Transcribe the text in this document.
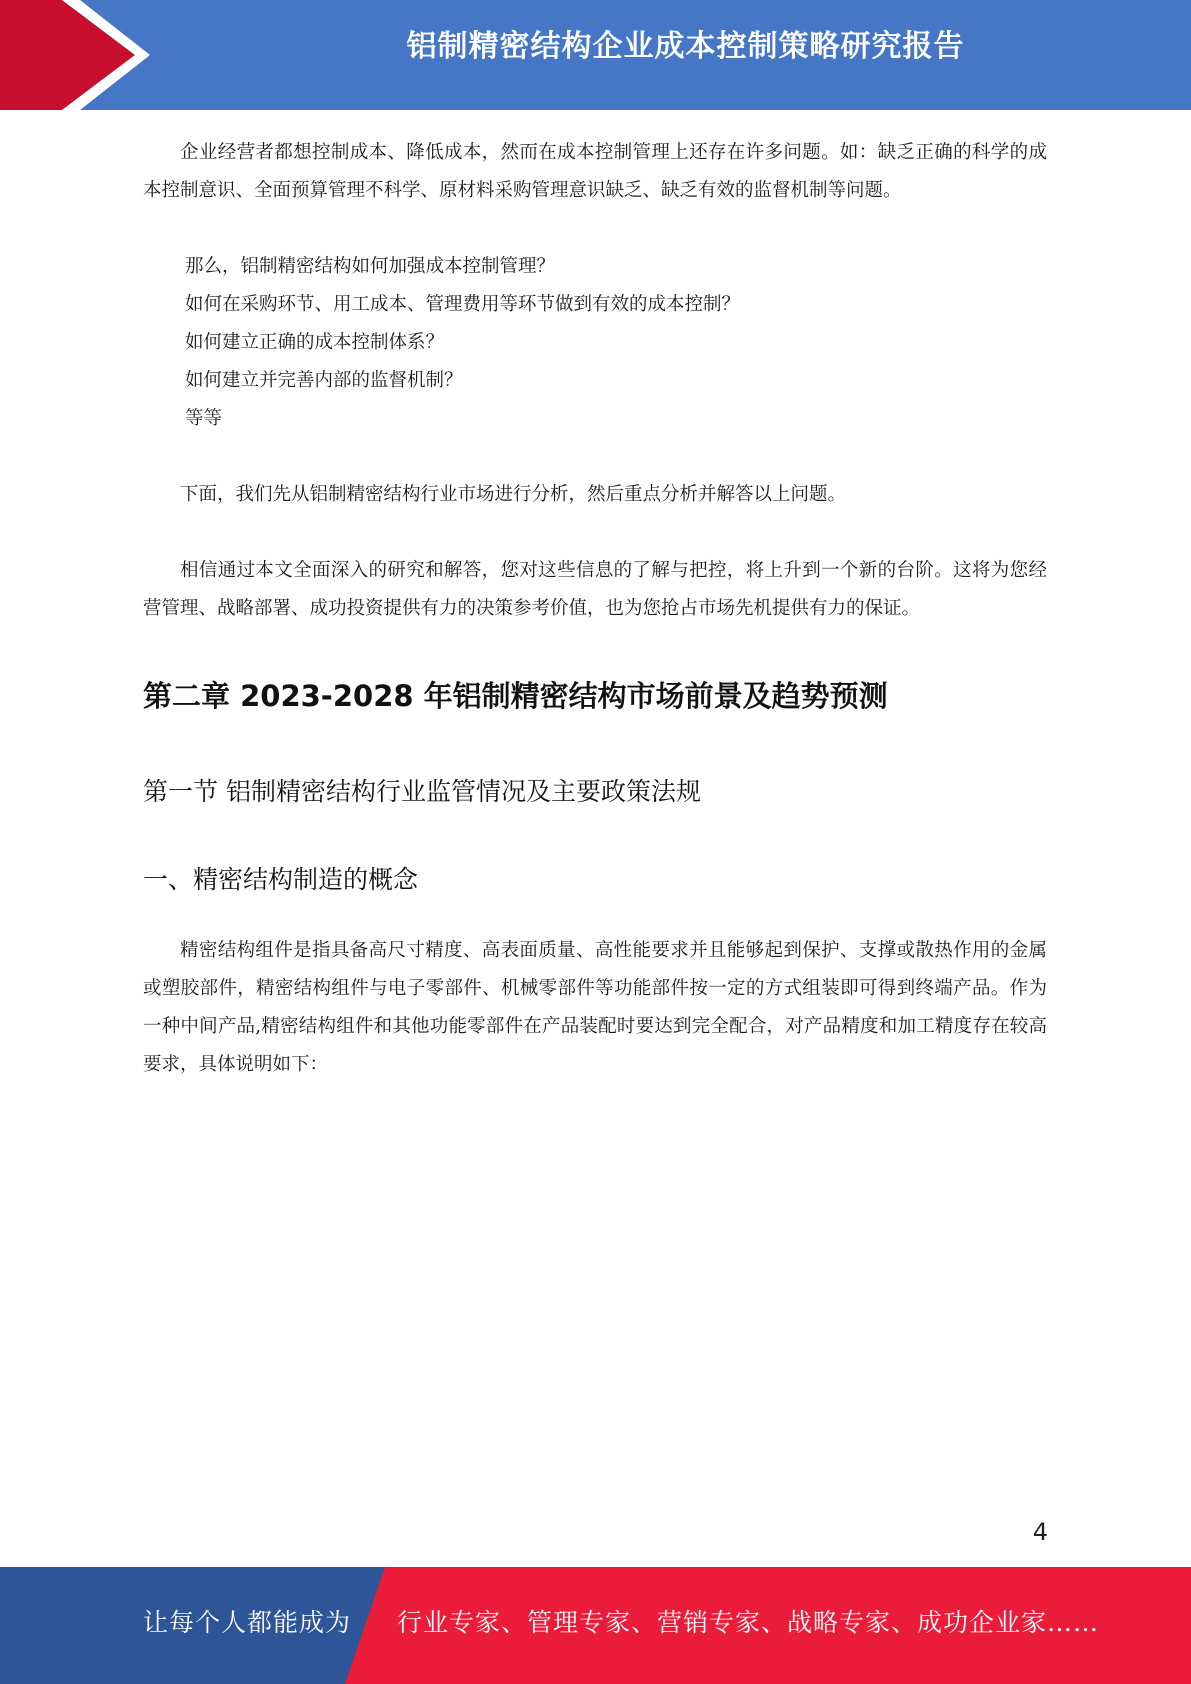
铝制精密结构企业成本控制策略研究报告

企业经营者都想控制成本、降低成本，然而在成本控制管理上还存在许多问题。如：缺乏正确的科学的成本控制意识、全面预算管理不科学、原材料采购管理意识缺乏、缺乏有效的监督机制等问题。

那么，铝制精密结构如何加强成本控制管理？

如何在采购环节、用工成本、管理费用等环节做到有效的成本控制？

如何建立正确的成本控制体系？

如何建立并完善内部的监督机制？

等等

下面，我们先从铝制精密结构行业市场进行分析，然后重点分析并解答以上问题。

相信通过本文全面深入的研究和解答，您对这些信息的了解与把控，将上升到一个新的台阶。这将为您经营管理、战略部署、成功投资提供有力的决策参考价值，也为您抢占市场先机提供有力的保证。

第二章 2023-2028 年铝制精密结构市场前景及趋势预测
第一节 铝制精密结构行业监管情况及主要政策法规
一、精密结构制造的概念

精密结构组件是指具备高尺寸精度、高表面质量、高性能要求并且能够起到保护、支撑或散热作用的金属或塑胶部件，精密结构组件与电子零部件、机械零部件等功能部件按一定的方式组装即可得到终端产品。作为一种中间产品,精密结构组件和其他功能零部件在产品装配时要达到完全配合，对产品精度和加工精度存在较高要求，具体说明如下：

4
让每个人都能成为 行业专家、管理专家、营销专家、战略专家、成功企业家……
